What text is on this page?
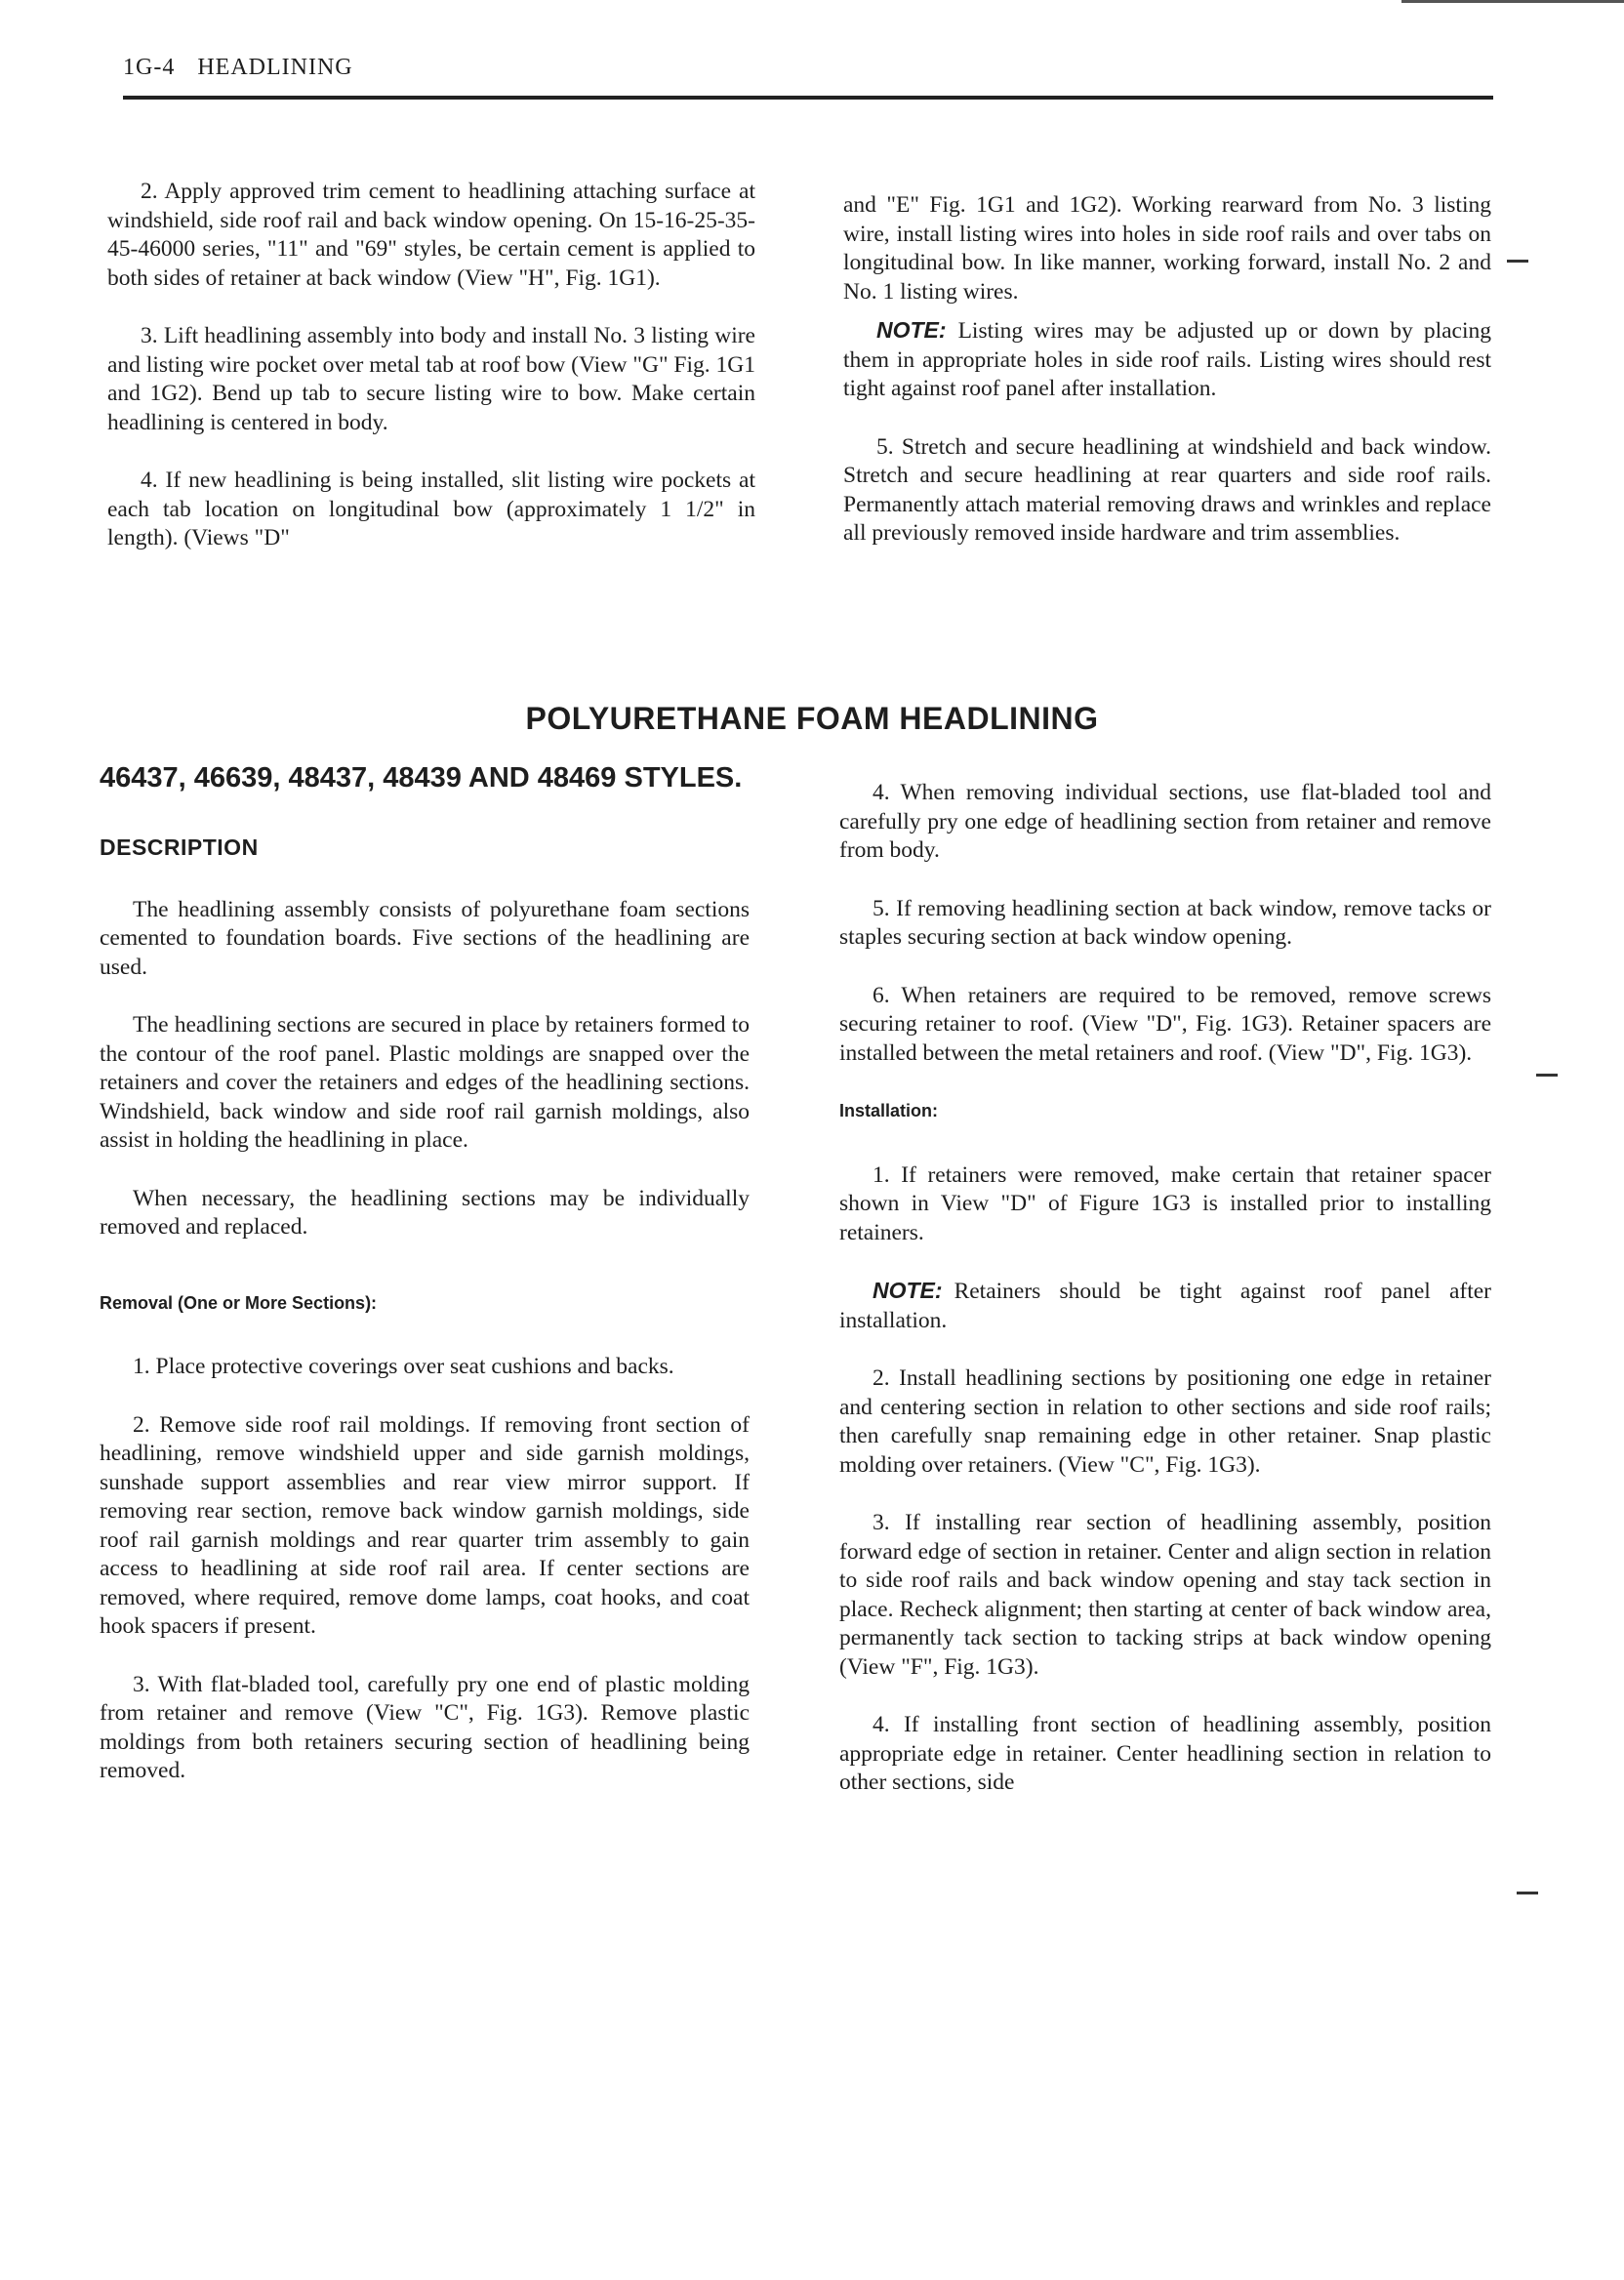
1G-4 HEADLINING

2. Apply approved trim cement to headlining attaching surface at windshield, side roof rail and back window opening. On 15-16-25-35-45-46000 series, "11" and "69" styles, be certain cement is applied to both sides of retainer at back window (View "H", Fig. 1G1).

3. Lift headlining assembly into body and install No. 3 listing wire and listing wire pocket over metal tab at roof bow (View "G" Fig. 1G1 and 1G2). Bend up tab to secure listing wire to bow. Make certain headlining is centered in body.

4. If new headlining is being installed, slit listing wire pockets at each tab location on longitudinal bow (approximately 1 1/2" in length). (Views "D"

and "E" Fig. 1G1 and 1G2). Working rearward from No. 3 listing wire, install listing wires into holes in side roof rails and over tabs on longitudinal bow. In like manner, working forward, install No. 2 and No. 1 listing wires.

NOTE: Listing wires may be adjusted up or down by placing them in appropriate holes in side roof rails. Listing wires should rest tight against roof panel after installation.

5. Stretch and secure headlining at windshield and back window. Stretch and secure headlining at rear quarters and side roof rails. Permanently attach material removing draws and wrinkles and replace all previously removed inside hardware and trim assemblies.

POLYURETHANE FOAM HEADLINING
46437, 46639, 48437, 48439 AND 48469 STYLES.
DESCRIPTION

The headlining assembly consists of polyurethane foam sections cemented to foundation boards. Five sections of the headlining are used.

The headlining sections are secured in place by retainers formed to the contour of the roof panel. Plastic moldings are snapped over the retainers and cover the retainers and edges of the headlining sections. Windshield, back window and side roof rail garnish moldings, also assist in holding the headlining in place.

When necessary, the headlining sections may be individually removed and replaced.

Removal (One or More Sections):

1. Place protective coverings over seat cushions and backs.

2. Remove side roof rail moldings. If removing front section of headlining, remove windshield upper and side garnish moldings, sunshade support assemblies and rear view mirror support. If removing rear section, remove back window garnish moldings, side roof rail garnish moldings and rear quarter trim assembly to gain access to headlining at side roof rail area. If center sections are removed, where required, remove dome lamps, coat hooks, and coat hook spacers if present.

3. With flat-bladed tool, carefully pry one end of plastic molding from retainer and remove (View "C", Fig. 1G3). Remove plastic moldings from both retainers securing section of headlining being removed.

4. When removing individual sections, use flat-bladed tool and carefully pry one edge of headlining section from retainer and remove from body.

5. If removing headlining section at back window, remove tacks or staples securing section at back window opening.

6. When retainers are required to be removed, remove screws securing retainer to roof. (View "D", Fig. 1G3). Retainer spacers are installed between the metal retainers and roof. (View "D", Fig. 1G3).

Installation:

1. If retainers were removed, make certain that retainer spacer shown in View "D" of Figure 1G3 is installed prior to installing retainers.

NOTE: Retainers should be tight against roof panel after installation.

2. Install headlining sections by positioning one edge in retainer and centering section in relation to other sections and side roof rails; then carefully snap remaining edge in other retainer. Snap plastic molding over retainers. (View "C", Fig. 1G3).

3. If installing rear section of headlining assembly, position forward edge of section in retainer. Center and align section in relation to side roof rails and back window opening and stay tack section in place. Recheck alignment; then starting at center of back window area, permanently tack section to tacking strips at back window opening (View "F", Fig. 1G3).

4. If installing front section of headlining assembly, position appropriate edge in retainer. Center headlining section in relation to other sections, side
